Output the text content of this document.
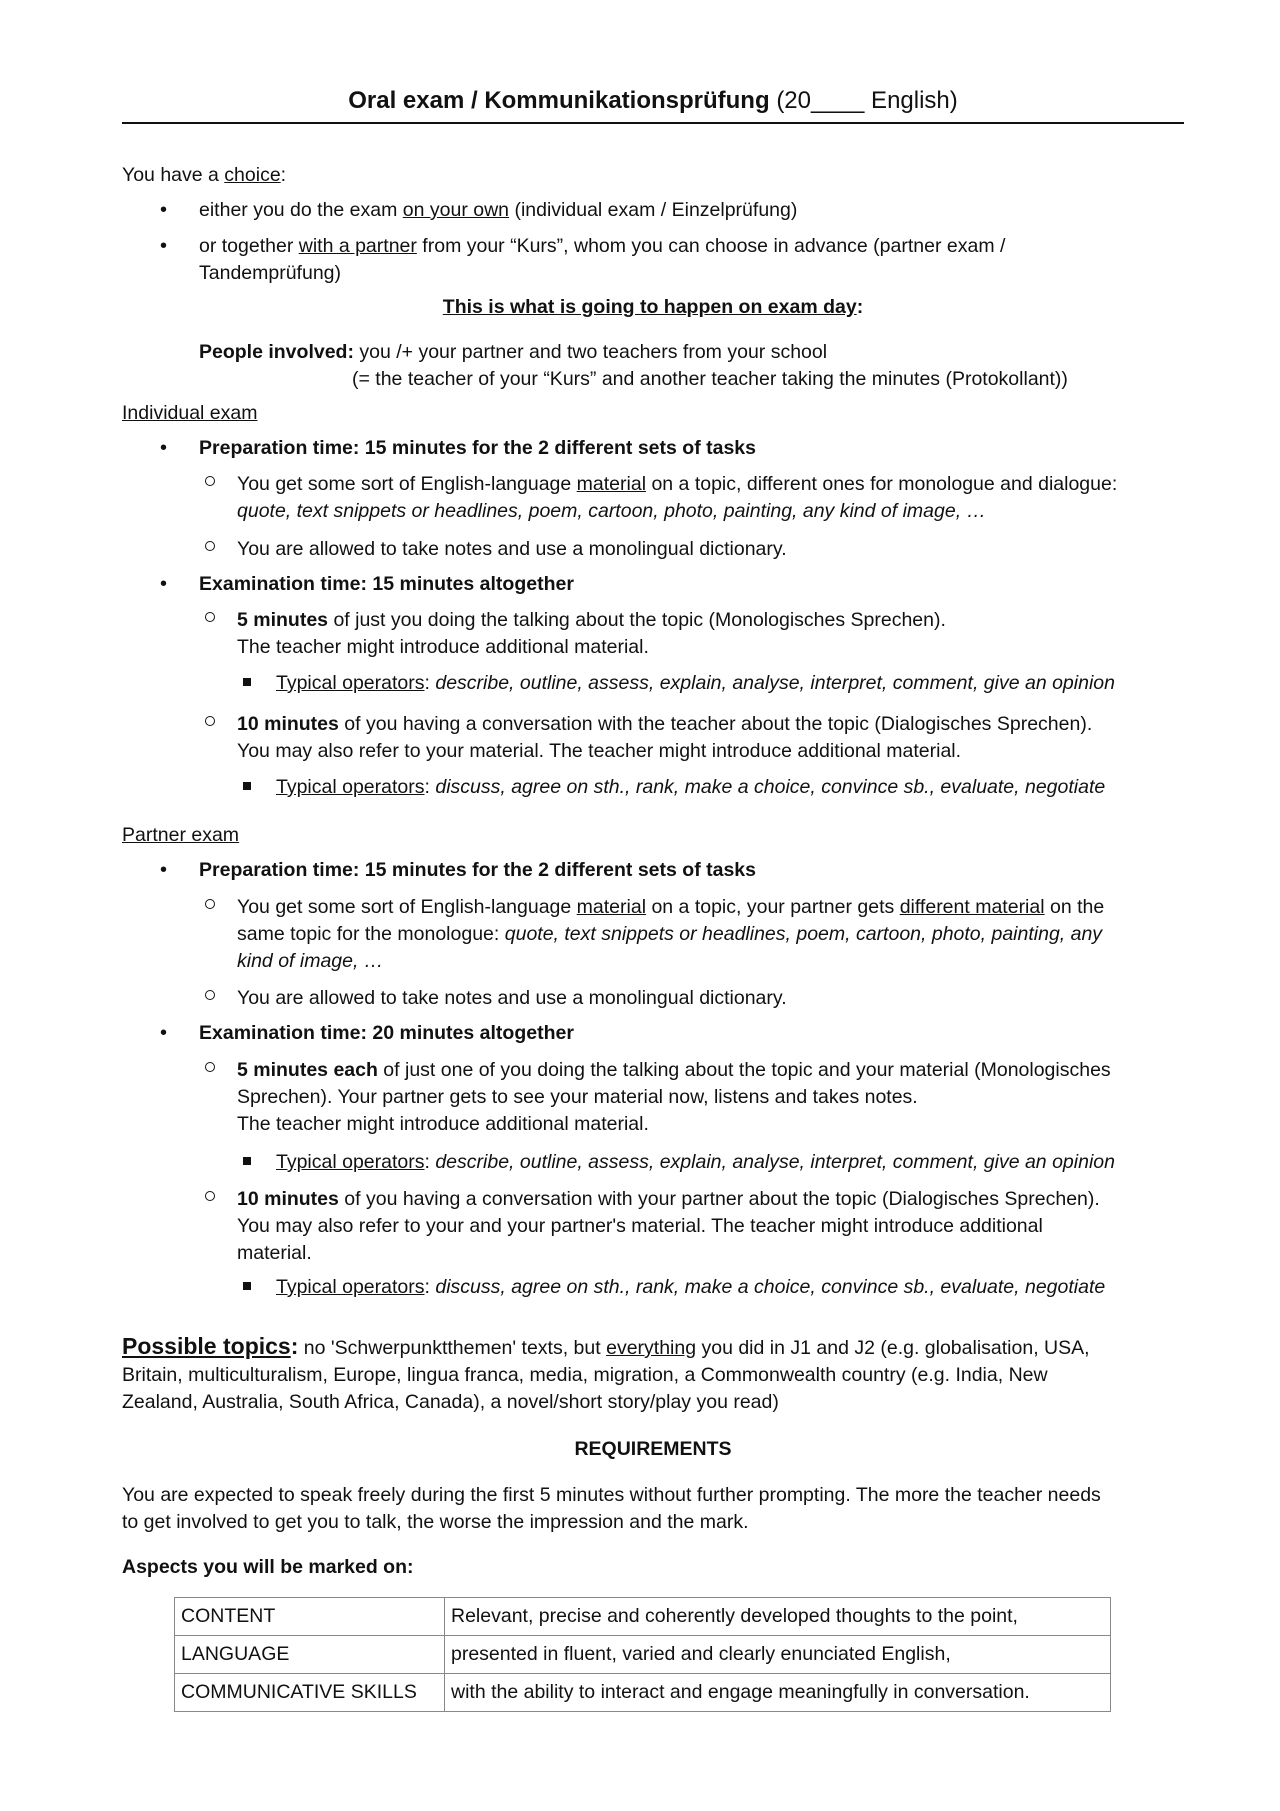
Oral exam / Kommunikationsprüfung (20____ English)
You have a choice:
• either you do the exam on your own (individual exam / Einzelprüfung)
• or together with a partner from your “Kurs”, whom you can choose in advance (partner exam /
Tandemprüfung)
This is what is going to happen on exam day:
People involved: you /+ your partner and two teachers from your school
(= the teacher of your “Kurs” and another teacher taking the minutes (Protokollant))
Individual exam
• Preparation time: 15 minutes for the 2 different sets of tasks
You get some sort of English-language material on a topic, different ones for monologue and dialogue:
quote, text snippets or headlines, poem, cartoon, photo, painting, any kind of image, …
You are allowed to take notes and use a monolingual dictionary.
• Examination time: 15 minutes altogether
5 minutes of just you doing the talking about the topic (Monologisches Sprechen).
The teacher might introduce additional material.
Typical operators: describe, outline, assess, explain, analyse, interpret, comment, give an opinion
10 minutes of you having a conversation with the teacher about the topic (Dialogisches Sprechen).
You may also refer to your material. The teacher might introduce additional material.
Typical operators: discuss, agree on sth., rank, make a choice, convince sb., evaluate, negotiate
Partner exam
• Preparation time: 15 minutes for the 2 different sets of tasks
You get some sort of English-language material on a topic, your partner gets different material on the
same topic for the monologue: quote, text snippets or headlines, poem, cartoon, photo, painting, any
kind of image, …
You are allowed to take notes and use a monolingual dictionary.
• Examination time: 20 minutes altogether
5 minutes each of just one of you doing the talking about the topic and your material (Monologisches
Sprechen). Your partner gets to see your material now, listens and takes notes.
The teacher might introduce additional material.
Typical operators: describe, outline, assess, explain, analyse, interpret, comment, give an opinion
10 minutes of you having a conversation with your partner about the topic (Dialogisches Sprechen).
You may also refer to your and your partner's material. The teacher might introduce additional
material.
Typical operators: discuss, agree on sth., rank, make a choice, convince sb., evaluate, negotiate
Possible topics: no 'Schwerpunktthemen' texts, but everything you did in J1 and J2 (e.g. globalisation, USA,
Britain, multiculturalism, Europe, lingua franca, media, migration, a Commonwealth country (e.g. India, New
Zealand, Australia, South Africa, Canada), a novel/short story/play you read)
REQUIREMENTS
You are expected to speak freely during the first 5 minutes without further prompting. The more the teacher needs
to get involved to get you to talk, the worse the impression and the mark.
Aspects you will be marked on:
CONTENT	Relevant, precise and coherently developed thoughts to the point,
LANGUAGE	presented in fluent, varied and clearly enunciated English,
COMMUNICATIVE SKILLS	with the ability to interact and engage meaningfully in conversation.
